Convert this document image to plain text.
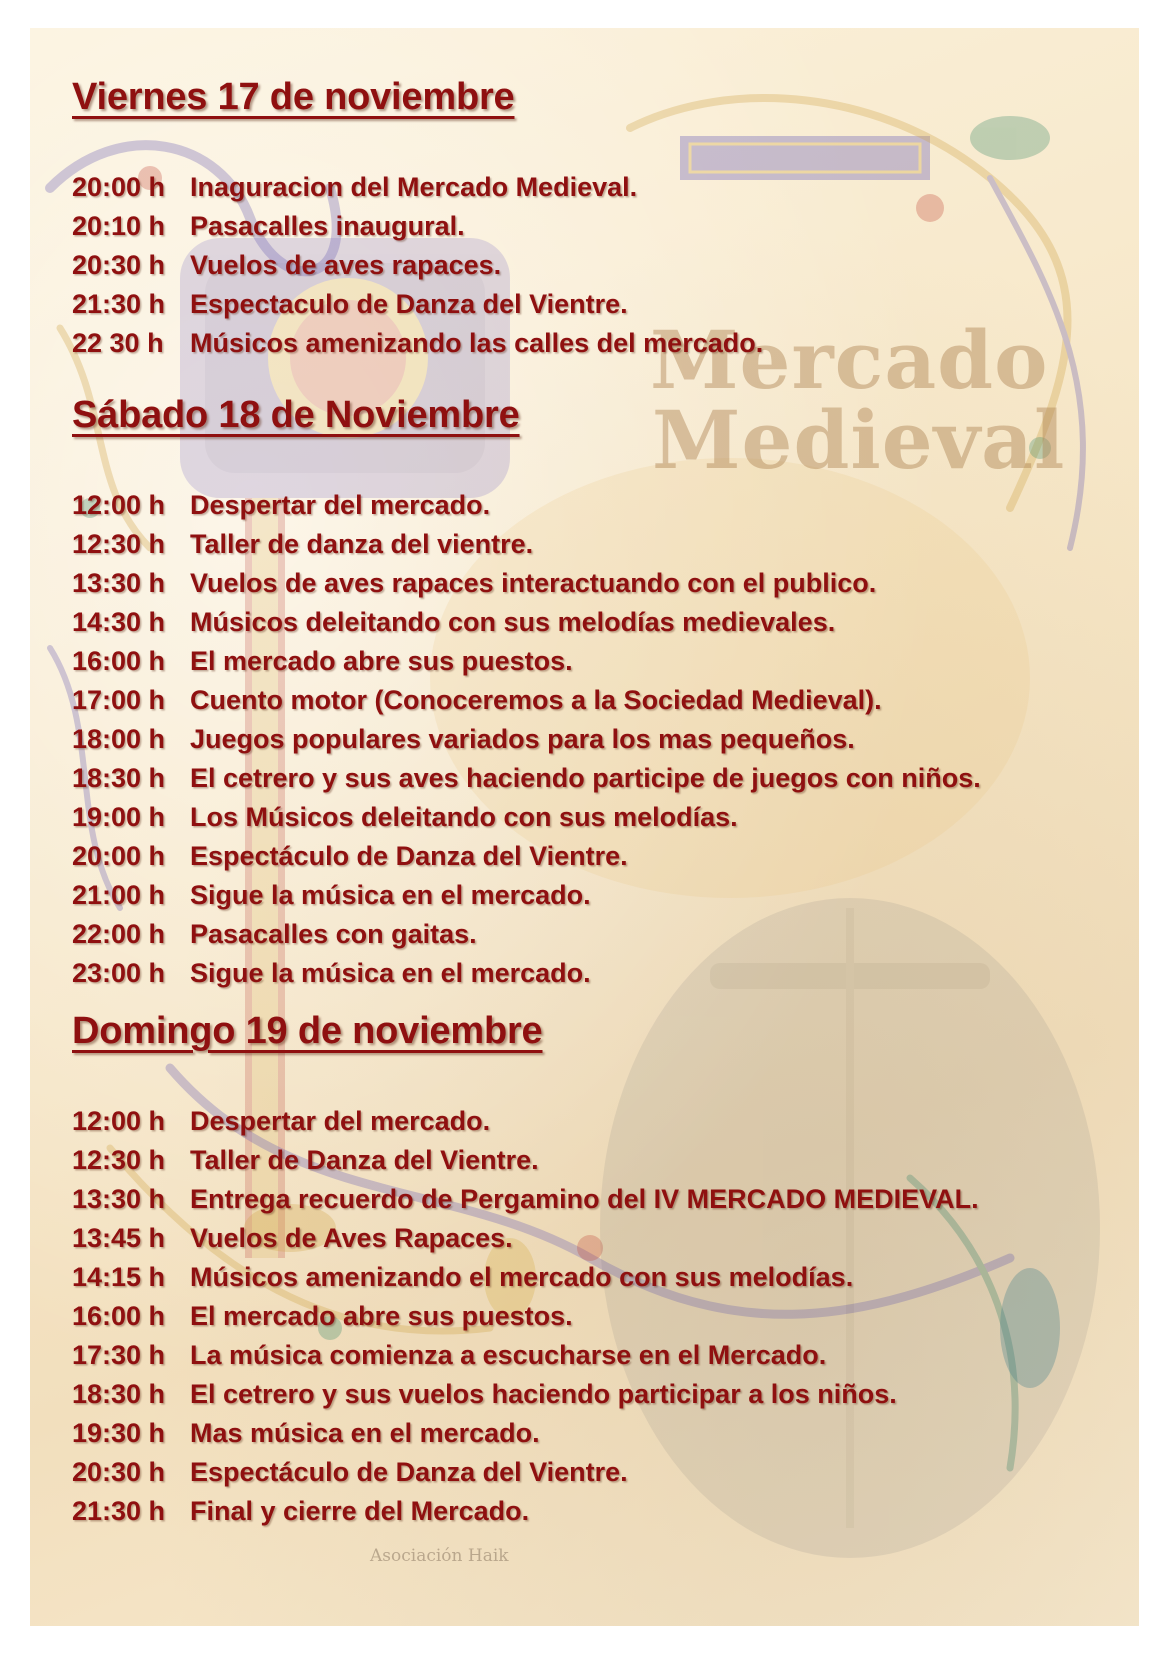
Mercado
Medieval
Viernes 17 de noviembre
20:00 h Inaguracion del Mercado Medieval.
20:10 h Pasacalles inaugural.
20:30 h Vuelos de aves rapaces.
21:30 h Espectaculo de Danza del Vientre.
22 30 h Músicos amenizando las calles del mercado.
Sábado 18 de Noviembre
12:00 h Despertar del mercado.
12:30 h Taller de danza del vientre.
13:30 h Vuelos de aves rapaces interactuando con el publico.
14:30 h Músicos deleitando con sus melodías medievales.
16:00 h El mercado abre sus puestos.
17:00 h Cuento motor (Conoceremos a la Sociedad Medieval).
18:00 h Juegos populares variados para los mas pequeños.
18:30 h El cetrero y sus aves haciendo participe de juegos con niños.
19:00 h Los Músicos deleitando con sus melodías.
20:00 h Espectáculo de Danza del Vientre.
21:00 h Sigue la música en el mercado.
22:00 h Pasacalles con gaitas.
23:00 h Sigue la música en el mercado.
Domingo 19 de noviembre
12:00 h Despertar del mercado.
12:30 h Taller de Danza del Vientre.
13:30 h Entrega recuerdo de Pergamino del IV MERCADO MEDIEVAL.
13:45 h Vuelos de Aves Rapaces.
14:15 h Músicos amenizando el mercado con sus melodías.
16:00 h El mercado abre sus puestos.
17:30 h La música comienza a escucharse en el Mercado.
18:30 h El cetrero y sus vuelos haciendo participar a los niños.
19:30 h Mas música en el mercado.
20:30 h Espectáculo de Danza del Vientre.
21:30 h Final y cierre del Mercado.
Asociación Haik
